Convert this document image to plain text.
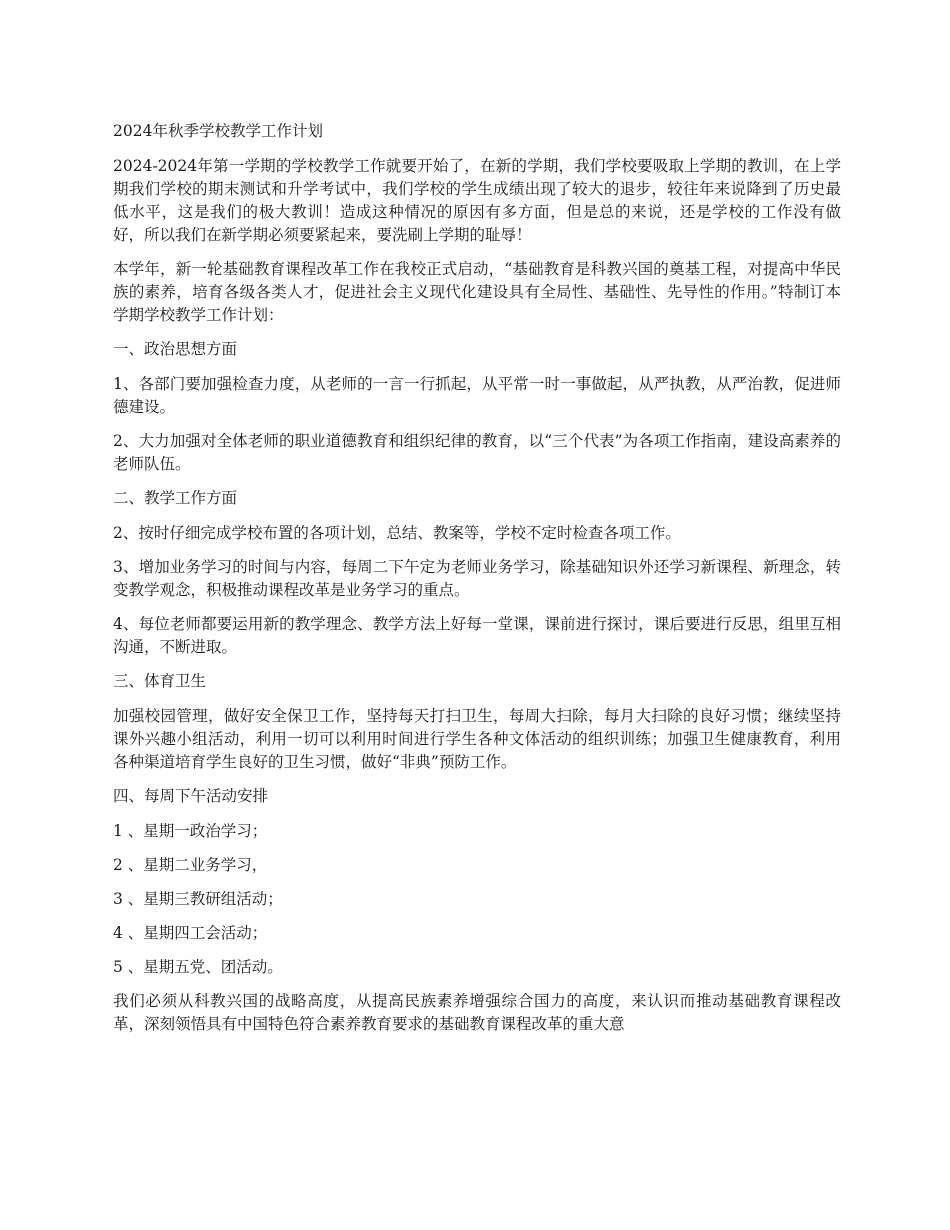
2024年秋季学校教学工作计划

2024-2024年第一学期的学校教学工作就要开始了，在新的学期，我们学校要吸取上学期的教训，在上学期我们学校的期末测试和升学考试中，我们学校的学生成绩出现了较大的退步，较往年来说降到了历史最低水平，这是我们的极大教训！造成这种情况的原因有多方面，但是总的来说，还是学校的工作没有做好，所以我们在新学期必须要紧起来，要洗刷上学期的耻辱！

本学年，新一轮基础教育课程改革工作在我校正式启动，“基础教育是科教兴国的奠基工程，对提高中华民族的素养，培育各级各类人才，促进社会主义现代化建设具有全局性、基础性、先导性的作用。”特制订本学期学校教学工作计划：

一、政治思想方面

1、各部门要加强检查力度，从老师的一言一行抓起，从平常一时一事做起，从严执教，从严治教，促进师德建设。

2、大力加强对全体老师的职业道德教育和组织纪律的教育，以“三个代表”为各项工作指南，建设高素养的老师队伍。

二、教学工作方面

2、按时仔细完成学校布置的各项计划，总结、教案等，学校不定时检查各项工作。

3、增加业务学习的时间与内容，每周二下午定为老师业务学习，除基础知识外还学习新课程、新理念，转变教学观念，积极推动课程改革是业务学习的重点。

4、每位老师都要运用新的教学理念、教学方法上好每一堂课，课前进行探讨，课后要进行反思，组里互相沟通，不断进取。

三、体育卫生

加强校园管理，做好安全保卫工作，坚持每天打扫卫生，每周大扫除，每月大扫除的良好习惯；继续坚持课外兴趣小组活动，利用一切可以利用时间进行学生各种文体活动的组织训练；加强卫生健康教育，利用各种渠道培育学生良好的卫生习惯，做好“非典”预防工作。

四、每周下午活动安排

1 、星期一政治学习；

2 、星期二业务学习，

3 、星期三教研组活动；

4 、星期四工会活动；

5 、星期五党、团活动。

我们必须从科教兴国的战略高度，从提高民族素养增强综合国力的高度，来认识而推动基础教育课程改革，深刻领悟具有中国特色符合素养教育要求的基础教育课程改革的重大意
